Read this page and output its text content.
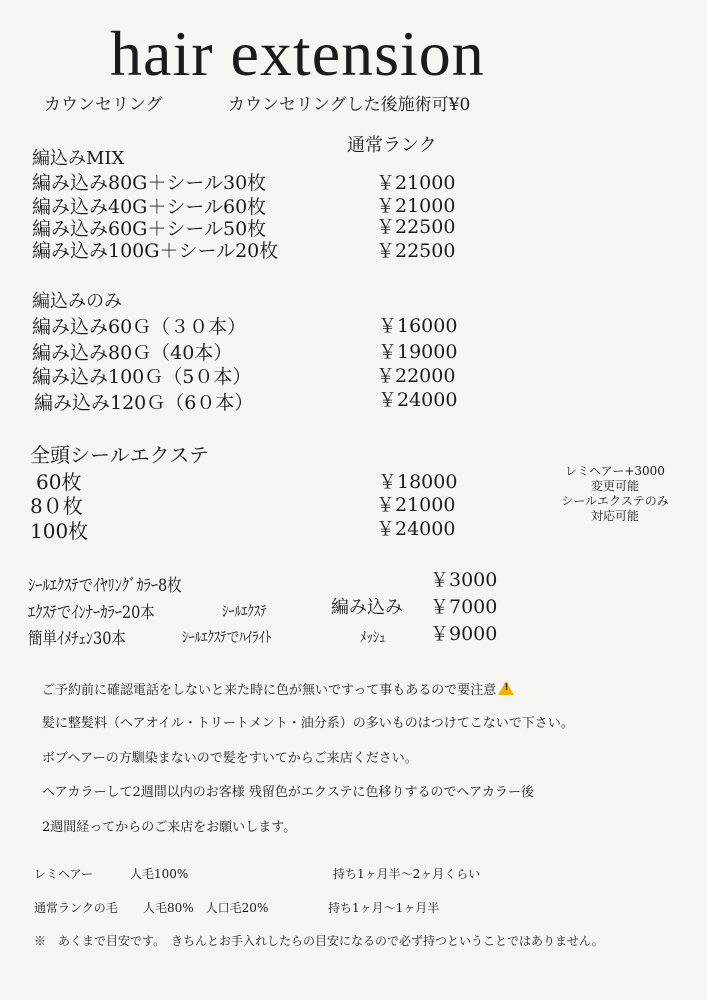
hair extension
カウンセリング	カウンセリングした後施術可¥0
通常ランク
編込みMIX
編み込み80G＋シール30枚	￥21000
編み込み40G＋シール60枚	￥21000
編み込み60G＋シール50枚	￥22500
編み込み100G＋シール20枚	￥22500
編込みのみ
編み込み60Ｇ（３０本）	￥16000
編み込み80Ｇ（40本）	￥19000
編み込み100Ｇ（5０本）	￥22000
編み込み120Ｇ（6０本）	￥24000
全頭シールエクステ
60枚	￥18000
8０枚	￥21000
100枚	￥24000
レミヘアー+3000
変更可能
シールエクステのみ
対応可能
ｼｰﾙｴｸｽﾃでｲﾔﾘﾝｸﾞｶﾗｰ8枚	￥3000
ｴｸｽﾃでｲﾝﾅｰｶﾗｰ20本	ｼｰﾙｴｸｽﾃ	編み込み ￥7000
簡単ｲﾒﾁｪﾝ30本	ｼｰﾙｴｸｽﾃでﾊｲﾗｲﾄ	ﾒｯｼｭ ￥9000
ご予約前に確認電話をしないと来た時に色が無いですって事もあるので要注意!
髪に整髪料（ヘアオイル・トリートメント・油分系）の多いものはつけてこないで下さい。
ボブヘアーの方馴染まないので髪をすいてからご来店ください。
ヘアカラーして2週間以内のお客様 残留色がエクステに色移りするのでヘアカラー後
2週間経ってからのご来店をお願いします。
レミヘアー	人毛100%	持ち1ヶ月半〜2ヶ月くらい
通常ランクの毛 人毛80%　人口毛20%	持ち1ヶ月〜1ヶ月半
※　あくまで目安です。　きちんとお手入れしたらの目安になるので必ず持つということではありません。
